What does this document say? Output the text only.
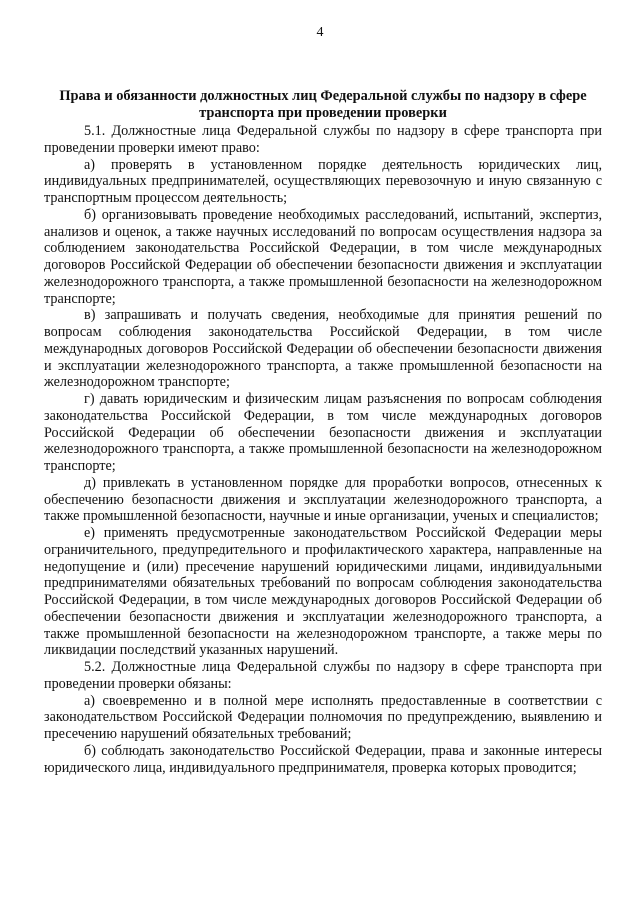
4
Права и обязанности должностных лиц Федеральной службы по надзору в сфере транспорта при проведении проверки

5.1. Должностные лица Федеральной службы по надзору в сфере транспорта при проведении проверки имеют право:

а) проверять в установленном порядке деятельность юридических лиц, индивидуальных предпринимателей, осуществляющих перевозочную и иную связанную с транспортным процессом деятельность;

б) организовывать проведение необходимых расследований, испытаний, экспертиз, анализов и оценок, а также научных исследований по вопросам осуществления надзора за соблюдением законодательства Российской Федерации, в том числе международных договоров Российской Федерации об обеспечении безопасности движения и эксплуатации железнодорожного транспорта, а также промышленной безопасности на железнодорожном транспорте;

в) запрашивать и получать сведения, необходимые для принятия решений по вопросам соблюдения законодательства Российской Федерации, в том числе международных договоров Российской Федерации об обеспечении безопасности движения и эксплуатации железнодорожного транспорта, а также промышленной безопасности на железнодорожном транспорте;

г) давать юридическим и физическим лицам разъяснения по вопросам соблюдения законодательства Российской Федерации, в том числе международных договоров Российской Федерации об обеспечении безопасности движения и эксплуатации железнодорожного транспорта, а также промышленной безопасности на железнодорожном транспорте;

д) привлекать в установленном порядке для проработки вопросов, отнесенных к обеспечению безопасности движения и эксплуатации железнодорожного транспорта, а также промышленной безопасности, научные и иные организации, ученых и специалистов;

е) применять предусмотренные законодательством Российской Федерации меры ограничительного, предупредительного и профилактического характера, направленные на недопущение и (или) пресечение нарушений юридическими лицами, индивидуальными предпринимателями обязательных требований по вопросам соблюдения законодательства Российской Федерации, в том числе международных договоров Российской Федерации об обеспечении безопасности движения и эксплуатации железнодорожного транспорта, а также промышленной безопасности на железнодорожном транспорте, а также меры по ликвидации последствий указанных нарушений.

5.2. Должностные лица Федеральной службы по надзору в сфере транспорта при проведении проверки обязаны:

а) своевременно и в полной мере исполнять предоставленные в соответствии с законодательством Российской Федерации полномочия по предупреждению, выявлению и пресечению нарушений обязательных требований;

б) соблюдать законодательство Российской Федерации, права и законные интересы юридического лица, индивидуального предпринимателя, проверка которых проводится;
